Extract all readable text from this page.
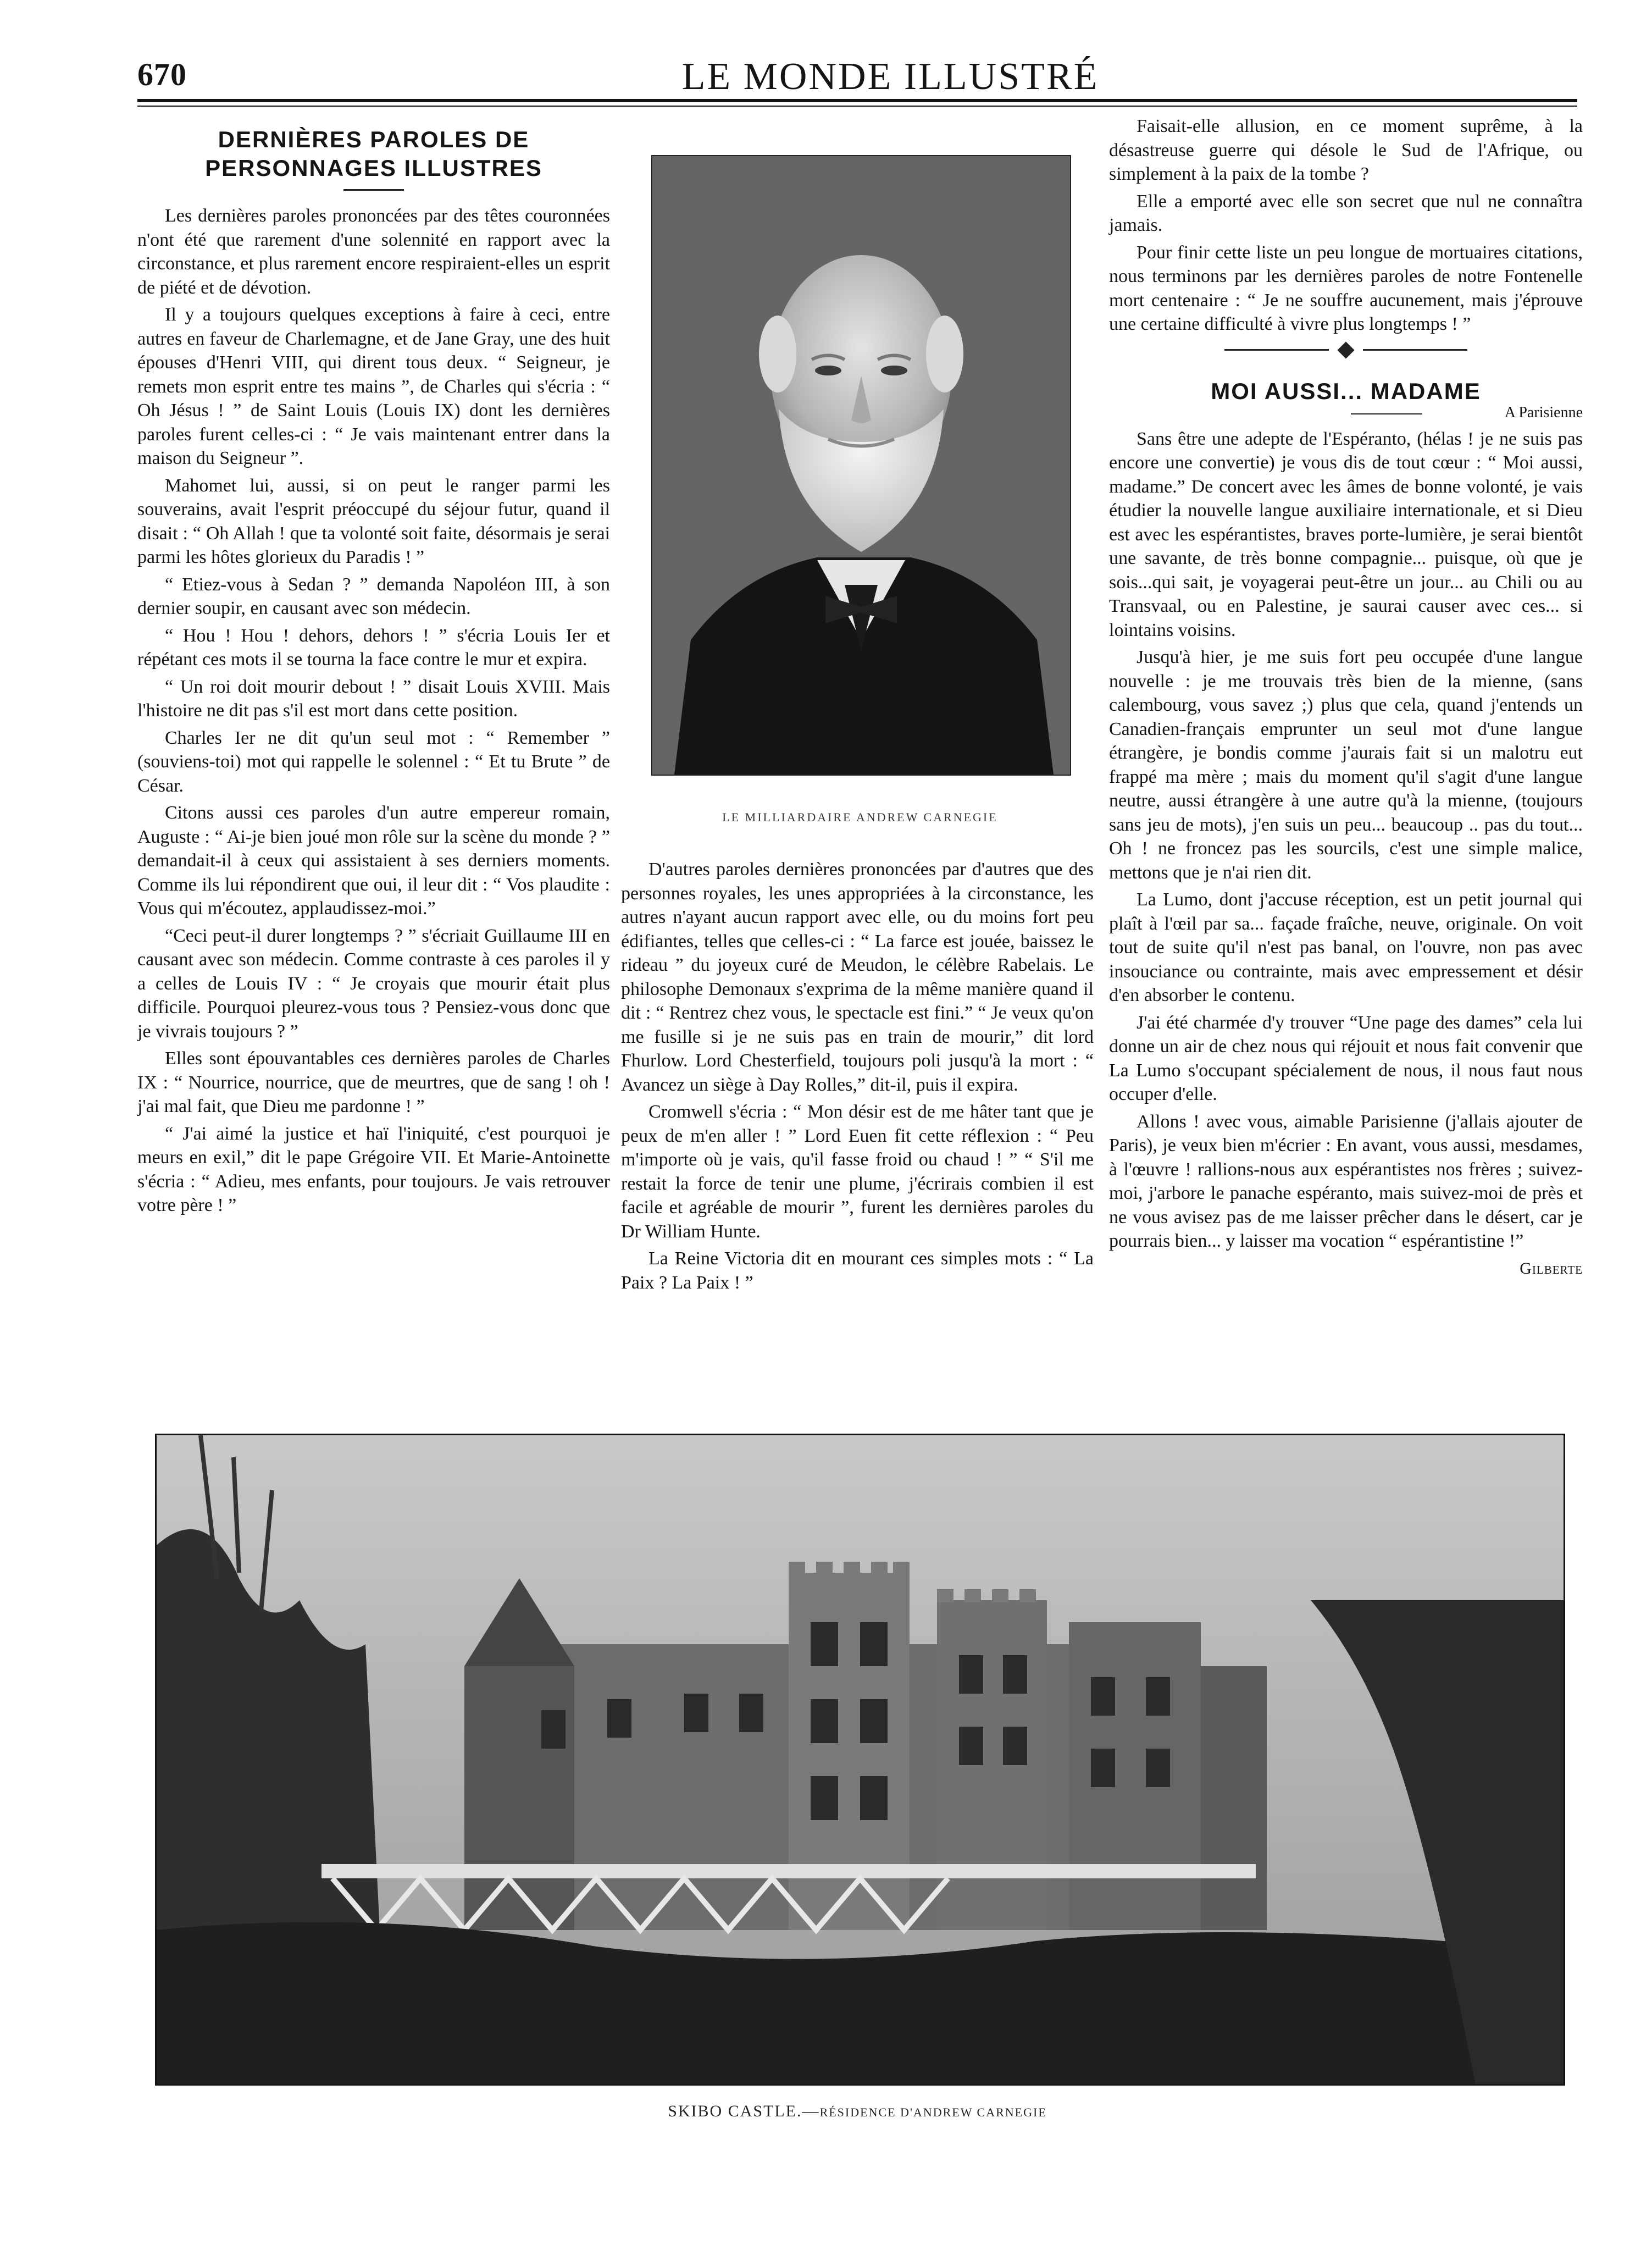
670	LE MONDE ILLUSTRÉ
DERNIÈRES PAROLES DE PERSONNAGES ILLUSTRES

Les dernières paroles prononcées par des têtes couronnées n'ont été que rarement d'une solennité en rapport avec la circonstance, et plus rarement encore respiraient-elles un esprit de piété et de dévotion.

Il y a toujours quelques exceptions à faire à ceci, entre autres en faveur de Charlemagne, et de Jane Gray, une des huit épouses d'Henri VIII, qui dirent tous deux. “ Seigneur, je remets mon esprit entre tes mains ”, de Charles qui s'écria : “ Oh Jésus ! ” de Saint Louis (Louis IX) dont les dernières paroles furent celles-ci : “ Je vais maintenant entrer dans la maison du Seigneur ”.

Mahomet lui, aussi, si on peut le ranger parmi les souverains, avait l'esprit préoccupé du séjour futur, quand il disait : “ Oh Allah ! que ta volonté soit faite, désormais je serai parmi les hôtes glorieux du Paradis ! ”

“ Etiez-vous à Sedan ? ” demanda Napoléon III, à son dernier soupir, en causant avec son médecin.

“ Hou ! Hou ! dehors, dehors ! ” s'écria Louis Ier et répétant ces mots il se tourna la face contre le mur et expira.

“ Un roi doit mourir debout ! ” disait Louis XVIII. Mais l'histoire ne dit pas s'il est mort dans cette position.

Charles Ier ne dit qu'un seul mot : “ Remember ” (souviens-toi) mot qui rappelle le solennel : “ Et tu Brute ” de César.

Citons aussi ces paroles d'un autre empereur romain, Auguste : “ Ai-je bien joué mon rôle sur la scène du monde ? ” demandait-il à ceux qui assistaient à ses derniers moments. Comme ils lui répondirent que oui, il leur dit : “ Vos plaudite : Vous qui m'écoutez, applaudissez-moi.”

“Ceci peut-il durer longtemps ? ” s'écriait Guillaume III en causant avec son médecin. Comme contraste à ces paroles il y a celles de Louis IV : “ Je croyais que mourir était plus difficile. Pourquoi pleurez-vous tous ? Pensiez-vous donc que je vivrais toujours ? ”

Elles sont épouvantables ces dernières paroles de Charles IX : “ Nourrice, nourrice, que de meurtres, que de sang ! oh ! j'ai mal fait, que Dieu me pardonne ! ”

“ J'ai aimé la justice et haï l'iniquité, c'est pourquoi je meurs en exil,” dit le pape Grégoire VII. Et Marie-Antoinette s'écria : “ Adieu, mes enfants, pour toujours. Je vais retrouver votre père ! ”

LE MILLIARDAIRE ANDREW CARNEGIE

D'autres paroles dernières prononcées par d'autres que des personnes royales, les unes appropriées à la circonstance, les autres n'ayant aucun rapport avec elle, ou du moins fort peu édifiantes, telles que celles-ci : “ La farce est jouée, baissez le rideau ” du joyeux curé de Meudon, le célèbre Rabelais. Le philosophe Demonaux s'exprima de la même manière quand il dit : “ Rentrez chez vous, le spectacle est fini.” “ Je veux qu'on me fusille si je ne suis pas en train de mourir,” dit lord Fhurlow. Lord Chesterfield, toujours poli jusqu'à la mort : “ Avancez un siège à Day Rolles,” dit-il, puis il expira.

Cromwell s'écria : “ Mon désir est de me hâter tant que je peux de m'en aller ! ” Lord Euen fit cette réflexion : “ Peu m'importe où je vais, qu'il fasse froid ou chaud ! ” “ S'il me restait la force de tenir une plume, j'écrirais combien il est facile et agréable de mourir ”, furent les dernières paroles du Dr William Hunte.

La Reine Victoria dit en mourant ces simples mots : “ La Paix ? La Paix ! ”

Faisait-elle allusion, en ce moment suprême, à la désastreuse guerre qui désole le Sud de l'Afrique, ou simplement à la paix de la tombe ?

Elle a emporté avec elle son secret que nul ne connaîtra jamais.

Pour finir cette liste un peu longue de mortuaires citations, nous terminons par les dernières paroles de notre Fontenelle mort centenaire : “ Je ne souffre aucunement, mais j'éprouve une certaine difficulté à vivre plus longtemps ! ”

MOI AUSSI... MADAME
A Parisienne

Sans être une adepte de l'Espéranto, (hélas ! je ne suis pas encore une convertie) je vous dis de tout cœur : “ Moi aussi, madame.” De concert avec les âmes de bonne volonté, je vais étudier la nouvelle langue auxiliaire internationale, et si Dieu est avec les espérantistes, braves porte-lumière, je serai bientôt une savante, de très bonne compagnie... puisque, où que je sois...qui sait, je voyagerai peut-être un jour... au Chili ou au Transvaal, ou en Palestine, je saurai causer avec ces... si lointains voisins.

Jusqu'à hier, je me suis fort peu occupée d'une langue nouvelle : je me trouvais très bien de la mienne, (sans calembourg, vous savez ;) plus que cela, quand j'entends un Canadien-français emprunter un seul mot d'une langue étrangère, je bondis comme j'aurais fait si un malotru eut frappé ma mère ; mais du moment qu'il s'agit d'une langue neutre, aussi étrangère à une autre qu'à la mienne, (toujours sans jeu de mots), j'en suis un peu... beaucoup .. pas du tout... Oh ! ne froncez pas les sourcils, c'est une simple malice, mettons que je n'ai rien dit.

La Lumo, dont j'accuse réception, est un petit journal qui plaît à l'œil par sa... façade fraîche, neuve, originale. On voit tout de suite qu'il n'est pas banal, on l'ouvre, non pas avec insouciance ou contrainte, mais avec empressement et désir d'en absorber le contenu.

J'ai été charmée d'y trouver “Une page des dames” cela lui donne un air de chez nous qui réjouit et nous fait convenir que La Lumo s'occupant spécialement de nous, il nous faut nous occuper d'elle.

Allons ! avec vous, aimable Parisienne (j'allais ajouter de Paris), je veux bien m'écrier : En avant, vous aussi, mesdames, à l'œuvre ! rallions-nous aux espérantistes nos frères ; suivez-moi, j'arbore le panache espéranto, mais suivez-moi de près et ne vous avisez pas de me laisser prêcher dans le désert, car je pourrais bien... y laisser ma vocation “ espérantistine !”

Gilberte
SKIBO CASTLE.—RÉSIDENCE D'ANDREW CARNEGIE
